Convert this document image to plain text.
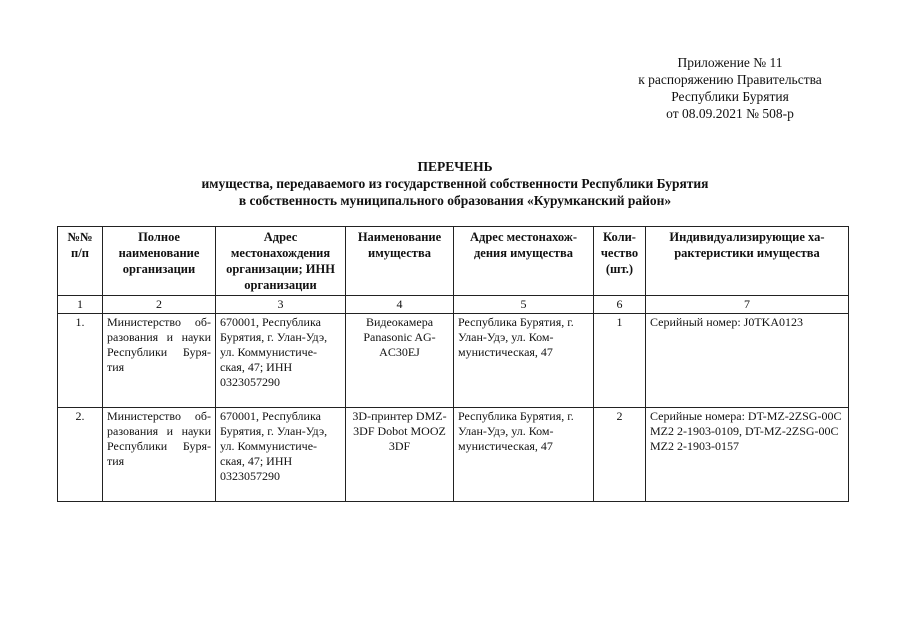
Приложение № 11
к распоряжению Правительства
Республики Бурятия
от 08.09.2021 № 508-р
ПЕРЕЧЕНЬ
имущества, передаваемого из государственной собственности Республики Бурятия
в собственность муниципального образования «Курумканский район»
№№ п/п	Полное наименование организации	Адрес местонахождения организации; ИНН организации	Наименование имущества	Адрес местонахож-дения имущества	Коли-чество (шт.)	Индивидуализирующие ха-рактеристики имущества
1	2	3	4	5	6	7
1.	Министерство об-разования и науки Республики Буря-тия	670001, Республика Бурятия, г. Улан-Удэ, ул. Коммунистиче-ская, 47; ИНН 0323057290	Видеокамера Panasonic AG-AC30EJ	Республика Бурятия, г. Улан-Удэ, ул. Ком-мунистическая, 47	1	Серийный номер: J0TKA0123
2.	Министерство об-разования и науки Республики Буря-тия	670001, Республика Бурятия, г. Улан-Удэ, ул. Коммунистиче-ская, 47; ИНН 0323057290	3D-принтер DMZ-3DF Dobot MOOZ 3DF	Республика Бурятия, г. Улан-Удэ, ул. Ком-мунистическая, 47	2	Серийные номера: DT-MZ-2ZSG-00C MZ2 2-1903-0109, DT-MZ-2ZSG-00C MZ2 2-1903-0157
